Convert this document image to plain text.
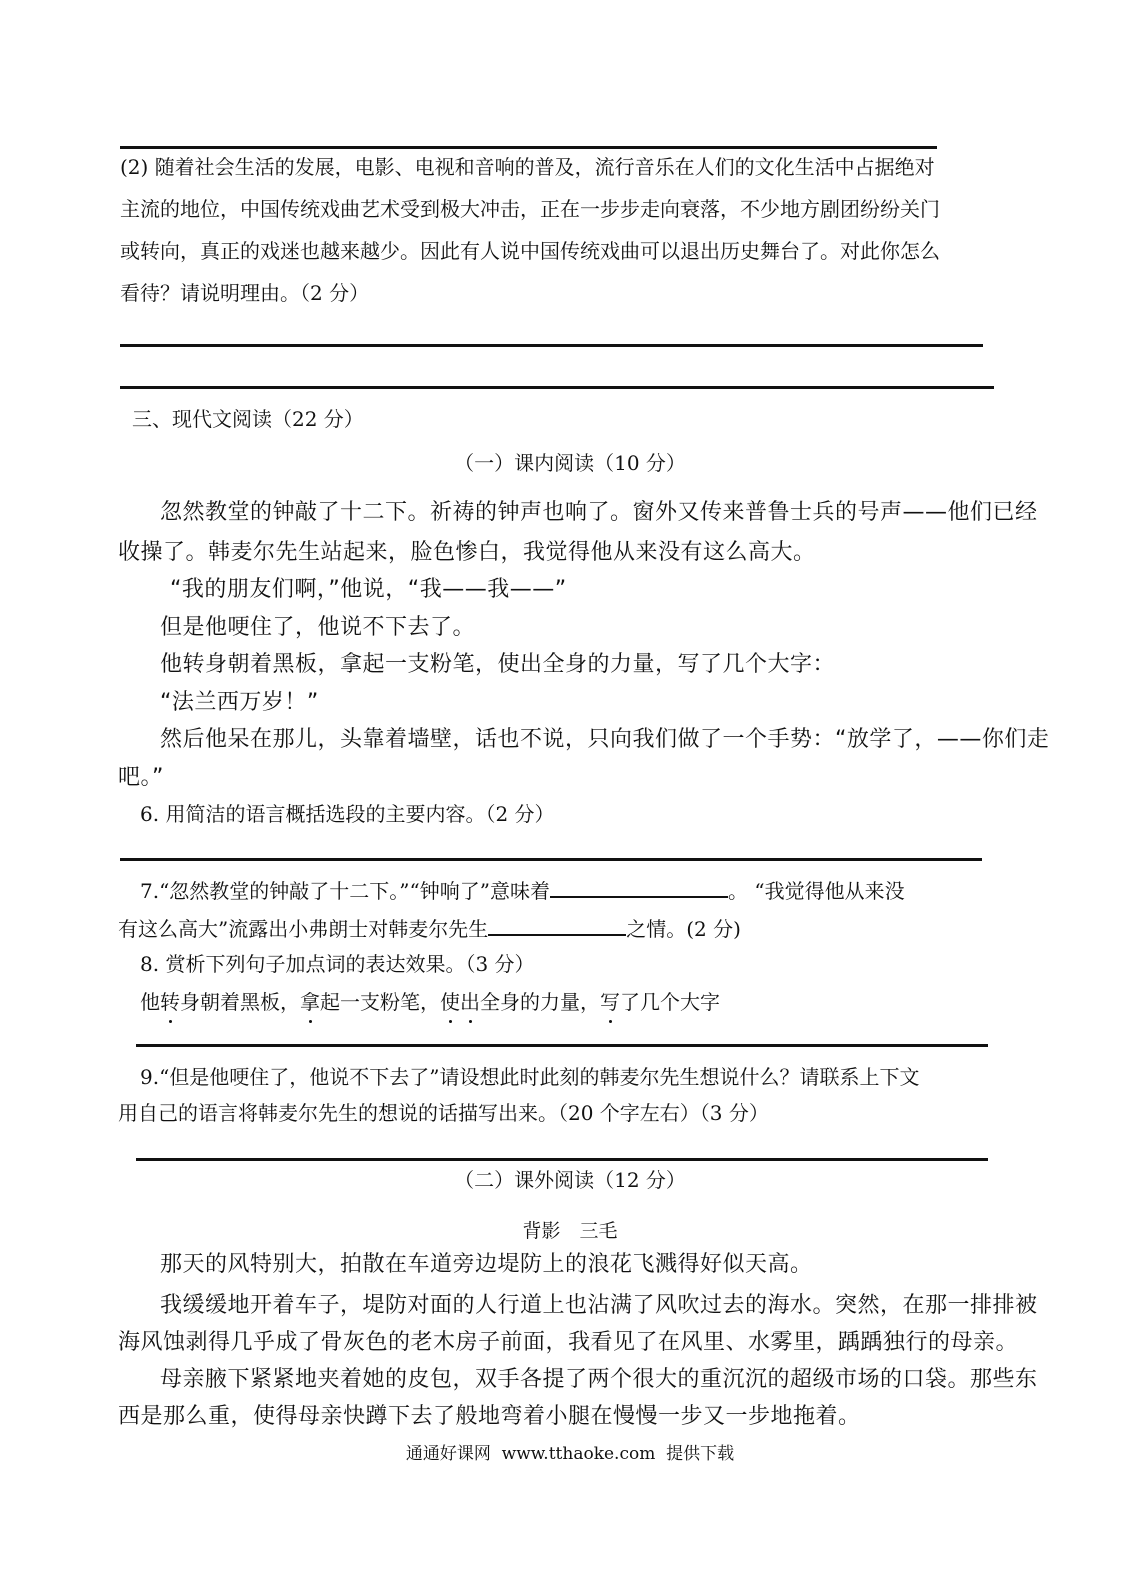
(2) 随着社会生活的发展，电影、电视和音响的普及，流行音乐在人们的文化生活中占据绝对
主流的地位，中国传统戏曲艺术受到极大冲击，正在一步步走向衰落，不少地方剧团纷纷关门
或转向，真正的戏迷也越来越少。因此有人说中国传统戏曲可以退出历史舞台了。对此你怎么
看待？请说明理由。（2 分）
三、现代文阅读（22 分）
（一）课内阅读（10 分）
忽然教堂的钟敲了十二下。祈祷的钟声也响了。窗外又传来普鲁士兵的号声——他们已经
收操了。韩麦尔先生站起来，脸色惨白，我觉得他从来没有这么高大。
“我的朋友们啊，”他说，“我——我——”
但是他哽住了，他说不下去了。
他转身朝着黑板，拿起一支粉笔，使出全身的力量，写了几个大字：
“法兰西万岁！”
然后他呆在那儿，头靠着墙壁，话也不说，只向我们做了一个手势：“放学了，——你们走
吧。”
6. 用简洁的语言概括选段的主要内容。（2 分）
7.“忽然教堂的钟敲了十二下。”“钟响了”意味着	。 “我觉得他从来没
有这么高大”流露出小弗朗士对韩麦尔先生	之情。(2 分)
8. 赏析下列句子加点词的表达效果。（3 分）
他转身朝着黑板，拿起一支粉笔，使出全身的力量，写了几个大字
9.“但是他哽住了，他说不下去了”请设想此时此刻的韩麦尔先生想说什么？请联系上下文
用自己的语言将韩麦尔先生的想说的话描写出来。（20 个字左右）（3 分）
（二）课外阅读（12 分）
背影　三毛
那天的风特别大，拍散在车道旁边堤防上的浪花飞溅得好似天高。
我缓缓地开着车子，堤防对面的人行道上也沾满了风吹过去的海水。突然，在那一排排被
海风蚀剥得几乎成了骨灰色的老木房子前面，我看见了在风里、水雾里，踽踽独行的母亲。
母亲腋下紧紧地夹着她的皮包，双手各提了两个很大的重沉沉的超级市场的口袋。那些东
西是那么重，使得母亲快蹲下去了般地弯着小腿在慢慢一步又一步地拖着。
通通好课网  www.tthaoke.com  提供下载
